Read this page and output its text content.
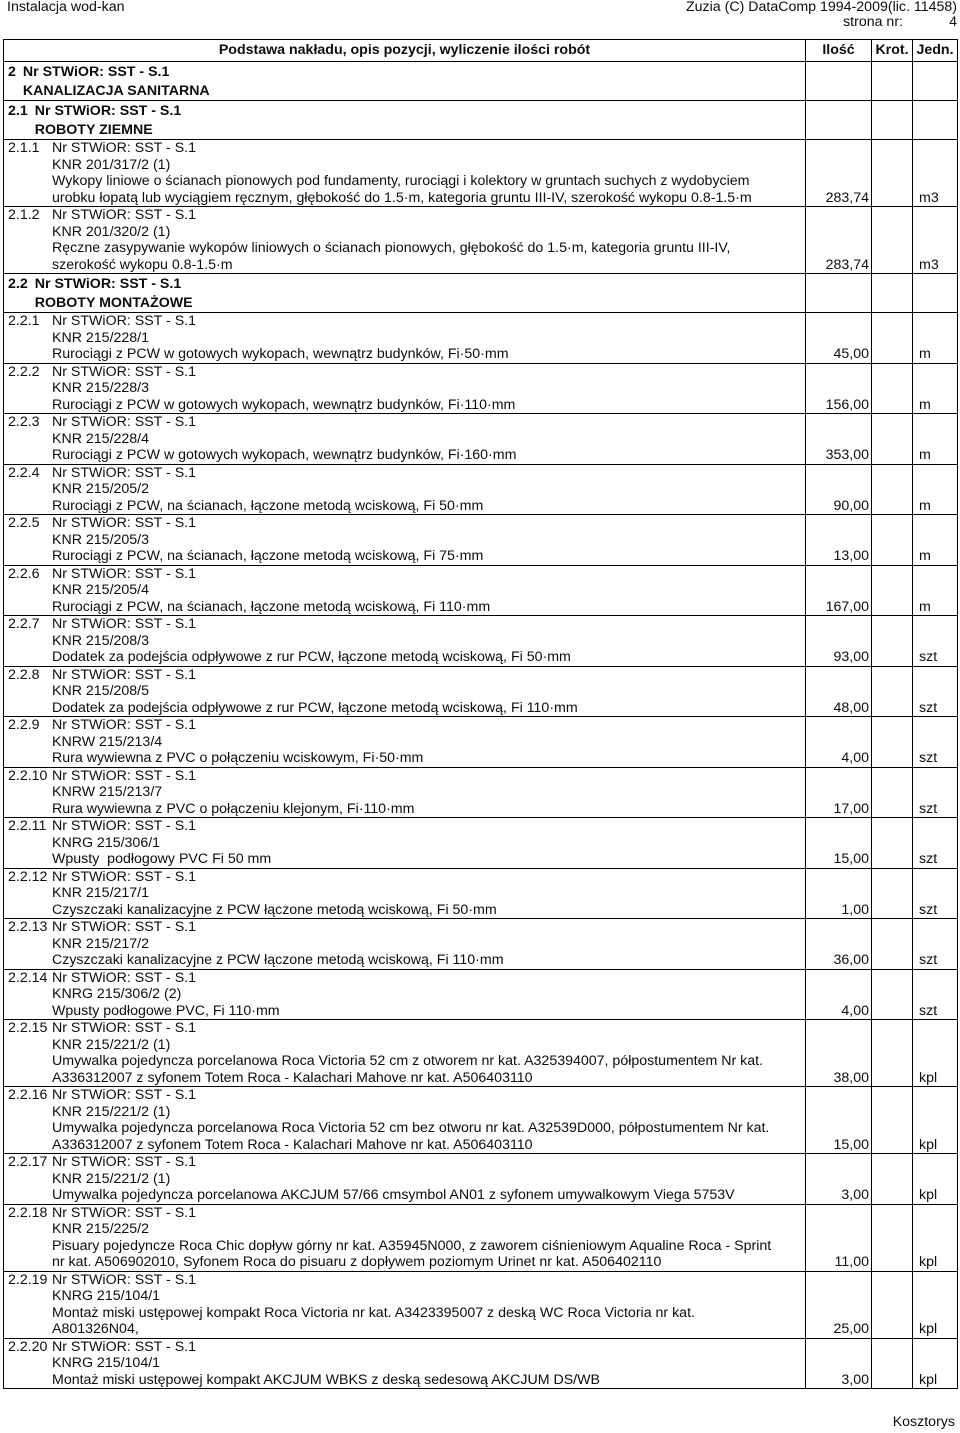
Instalacja wod-kan	Zuzia (C) DataComp 1994-2009(lic. 11458)
strona nr:	4
Podstawa nakładu, opis pozycji, wyliczenie ilości robót	Ilość	Krot. Jedn.
2 Nr STWiOR: SST - S.1
KANALIZACJA SANITARNA
2.1 Nr STWiOR: SST - S.1
ROBOTY ZIEMNE
2.1.1 Nr STWiOR: SST - S.1
KNR 201/317/2 (1)
Wykopy liniowe o ścianach pionowych pod fundamenty, rurociągi i kolektory w gruntach suchych z wydobyciem
urobku łopatą lub wyciągiem ręcznym, głębokość do 1.5·m, kategoria gruntu III-IV, szerokość wykopu 0.8-1.5·m	283,74	m3
2.1.2 Nr STWiOR: SST - S.1
KNR 201/320/2 (1)
Ręczne zasypywanie wykopów liniowych o ścianach pionowych, głębokość do 1.5·m, kategoria gruntu III-IV,
szerokość wykopu 0.8-1.5·m	283,74	m3
2.2 Nr STWiOR: SST - S.1
ROBOTY MONTAŻOWE
2.2.1 Nr STWiOR: SST - S.1
KNR 215/228/1
Rurociągi z PCW w gotowych wykopach, wewnątrz budynków, Fi·50·mm	45,00	m
2.2.2 Nr STWiOR: SST - S.1
KNR 215/228/3
Rurociągi z PCW w gotowych wykopach, wewnątrz budynków, Fi·110·mm	156,00	m
2.2.3 Nr STWiOR: SST - S.1
KNR 215/228/4
Rurociągi z PCW w gotowych wykopach, wewnątrz budynków, Fi·160·mm	353,00	m
2.2.4 Nr STWiOR: SST - S.1
KNR 215/205/2
Rurociągi z PCW, na ścianach, łączone metodą wciskową, Fi 50·mm	90,00	m
2.2.5 Nr STWiOR: SST - S.1
KNR 215/205/3
Rurociągi z PCW, na ścianach, łączone metodą wciskową, Fi 75·mm	13,00	m
2.2.6 Nr STWiOR: SST - S.1
KNR 215/205/4
Rurociągi z PCW, na ścianach, łączone metodą wciskową, Fi 110·mm	167,00	m
2.2.7 Nr STWiOR: SST - S.1
KNR 215/208/3
Dodatek za podejścia odpływowe z rur PCW, łączone metodą wciskową, Fi 50·mm	93,00	szt
2.2.8 Nr STWiOR: SST - S.1
KNR 215/208/5
Dodatek za podejścia odpływowe z rur PCW, łączone metodą wciskową, Fi 110·mm	48,00	szt
2.2.9 Nr STWiOR: SST - S.1
KNRW 215/213/4
Rura wywiewna z PVC o połączeniu wciskowym, Fi·50·mm	4,00	szt
2.2.10 Nr STWiOR: SST - S.1
KNRW 215/213/7
Rura wywiewna z PVC o połączeniu klejonym, Fi·110·mm	17,00	szt
2.2.11 Nr STWiOR: SST - S.1
KNRG 215/306/1
Wpusty  podłogowy PVC Fi 50 mm	15,00	szt
2.2.12 Nr STWiOR: SST - S.1
KNR 215/217/1
Czyszczaki kanalizacyjne z PCW łączone metodą wciskową, Fi 50·mm	1,00	szt
2.2.13 Nr STWiOR: SST - S.1
KNR 215/217/2
Czyszczaki kanalizacyjne z PCW łączone metodą wciskową, Fi 110·mm	36,00	szt
2.2.14 Nr STWiOR: SST - S.1
KNRG 215/306/2 (2)
Wpusty podłogowe PVC, Fi 110·mm	4,00	szt
2.2.15 Nr STWiOR: SST - S.1
KNR 215/221/2 (1)
Umywalka pojedyncza porcelanowa Roca Victoria 52 cm z otworem nr kat. A325394007, półpostumentem Nr kat.
A336312007 z syfonem Totem Roca - Kalachari Mahove nr kat. A506403110	38,00	kpl
2.2.16 Nr STWiOR: SST - S.1
KNR 215/221/2 (1)
Umywalka pojedyncza porcelanowa Roca Victoria 52 cm bez otworu nr kat. A32539D000, półpostumentem Nr kat.
A336312007 z syfonem Totem Roca - Kalachari Mahove nr kat. A506403110	15,00	kpl
2.2.17 Nr STWiOR: SST - S.1
KNR 215/221/2 (1)
Umywalka pojedyncza porcelanowa AKCJUM 57/66 cmsymbol AN01 z syfonem umywalkowym Viega 5753V	3,00	kpl
2.2.18 Nr STWiOR: SST - S.1
KNR 215/225/2
Pisuary pojedyncze Roca Chic dopływ górny nr kat. A35945N000, z zaworem ciśnieniowym Aqualine Roca - Sprint
nr kat. A506902010, Syfonem Roca do pisuaru z dopływem poziomym Urinet nr kat. A506402110	11,00	kpl
2.2.19 Nr STWiOR: SST - S.1
KNRG 215/104/1
Montaż miski ustępowej kompakt Roca Victoria nr kat. A3423395007 z deską WC Roca Victoria nr kat.
A801326N04,	25,00	kpl
2.2.20 Nr STWiOR: SST - S.1
KNRG 215/104/1
Montaż miski ustępowej kompakt AKCJUM WBKS z deską sedesową AKCJUM DS/WB	3,00	kpl
Kosztorys
